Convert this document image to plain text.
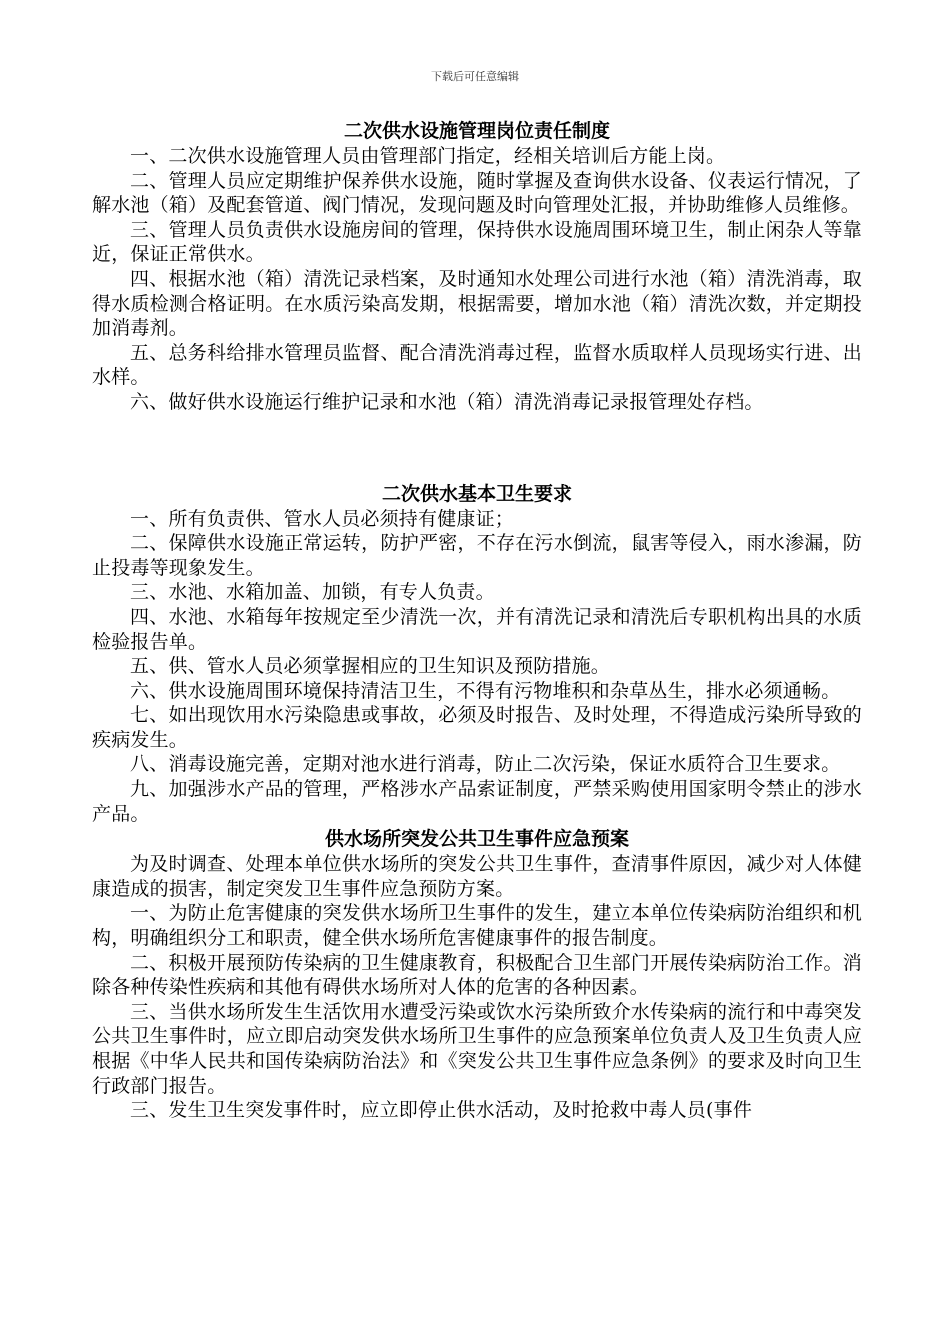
下载后可任意编辑
二次供水设施管理岗位责任制度

一、二次供水设施管理人员由管理部门指定，经相关培训后方能上岗。

二、管理人员应定期维护保养供水设施，随时掌握及查询供水设备、仪表运行情况，了解水池（箱）及配套管道、阀门情况，发现问题及时向管理处汇报，并协助维修人员维修。

三、管理人员负责供水设施房间的管理，保持供水设施周围环境卫生，制止闲杂人等靠近，保证正常供水。

四、根据水池（箱）清洗记录档案，及时通知水处理公司进行水池（箱）清洗消毒，取得水质检测合格证明。在水质污染高发期，根据需要，增加水池（箱）清洗次数，并定期投加消毒剂。

五、总务科给排水管理员监督、配合清洗消毒过程，监督水质取样人员现场实行进、出水样。

六、做好供水设施运行维护记录和水池（箱）清洗消毒记录报管理处存档。

二次供水基本卫生要求

一、所有负责供、管水人员必须持有健康证；

二、保障供水设施正常运转，防护严密，不存在污水倒流，鼠害等侵入，雨水渗漏，防止投毒等现象发生。

三、水池、水箱加盖、加锁，有专人负责。

四、水池、水箱每年按规定至少清洗一次，并有清洗记录和清洗后专职机构出具的水质检验报告单。

五、供、管水人员必须掌握相应的卫生知识及预防措施。

六、供水设施周围环境保持清洁卫生，不得有污物堆积和杂草丛生，排水必须通畅。

七、如出现饮用水污染隐患或事故，必须及时报告、及时处理，不得造成污染所导致的疾病发生。

八、消毒设施完善，定期对池水进行消毒，防止二次污染，保证水质符合卫生要求。

九、加强涉水产品的管理，严格涉水产品索证制度，严禁采购使用国家明令禁止的涉水产品。

供水场所突发公共卫生事件应急预案

为及时调查、处理本单位供水场所的突发公共卫生事件，查清事件原因，减少对人体健康造成的损害，制定突发卫生事件应急预防方案。

一、为防止危害健康的突发供水场所卫生事件的发生，建立本单位传染病防治组织和机构，明确组织分工和职责，健全供水场所危害健康事件的报告制度。

二、积极开展预防传染病的卫生健康教育，积极配合卫生部门开展传染病防治工作。消除各种传染性疾病和其他有碍供水场所对人体的危害的各种因素。

三、当供水场所发生生活饮用水遭受污染或饮水污染所致介水传染病的流行和中毒突发公共卫生事件时，应立即启动突发供水场所卫生事件的应急预案单位负责人及卫生负责人应根据《中华人民共和国传染病防治法》和《突发公共卫生事件应急条例》的要求及时向卫生行政部门报告。

三、发生卫生突发事件时，应立即停止供水活动，及时抢救中毒人员(事件
